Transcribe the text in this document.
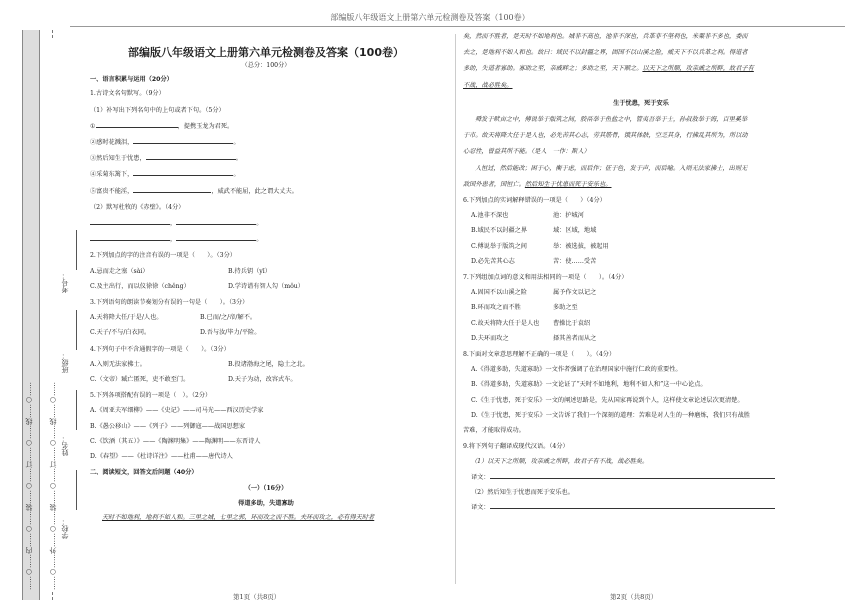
部编版八年级语文上册第六单元检测卷及答案（100卷）
……○……内……○……装……○……订……○……线……○…… ……○……外……○……装……○……订……○……线……○…… 学校：
姓名：
班级：
考号：

部编版八年级语文上册第六单元检测卷及答案（100卷）

（总分：100分）

一、语言积累与运用（20分）

1.古诗文名句默写。（9分）

（1）补写出下列名句中的上句或者下句。（5分）

①	，提携玉龙为君死。

②感时花溅泪，	。

③然后知生于忧患，	。

④采菊东篱下，	。

⑤富贵不能淫，	，威武不能屈，此之谓大丈夫。

（2）默写杜牧的《赤壁》。（4分）

，	。

，	。

2.下列加点的字的注音有误的一项是（　　）。（3分）

A.忌而走之塞（sài）	B.持兵钥（yī）

C.及主出行，而以仪徐徐（chěng）	D.学诗谱有智人勾（mǒu）

3.下列语句的朗读节奏划分有误的一句是（　　）。（3分）

A.天将降大任/于是/人也。	B.已而/之/帝/解不。

C.天子/不与/白衣同。	D.吾与汝/毕力/平险。

4.下列句子中不含通假字的一项是（　　）。（3分）

A.入则无法家拂士。	B.投诸渤海之尾，隐土之北。

C.（文帝）臧亡匿死，吏不敢至门。	D.天子为动，改容式车。

5.下列各项搭配有误的一项是（　）。（2分）

A.《周亚夫军细柳》——《史记》——司马光——西汉历史学家

B.《愚公移山》——《列子》——列御寇——战国思想家

C.《饮酒（其五）》——《陶渊明集》——陶渊明——东晋诗人

D.《春望》——《杜诗详注》——杜甫——唐代诗人

二、阅读短文，回答文后问题（40分）

（一）（16分）

得道多助，失道寡助

天时不如地利，地利不如人和。三里之城，七里之郭，环而攻之而不胜。夫环而攻之，必有得天时者

矣，然而不胜者，是天时不如地利也。城非不高也，池非不深也，兵革非不坚利也，米粟非不多也，委而

去之，是地利不如人和也。故曰：域民不以封疆之界，固国不以山溪之险，威天下不以兵革之利。得道者

多助，失道者寡助。寡助之至，亲戚畔之；多助之至，天下顺之。以天下之所顺，攻亲戚之所畔，故君子有

不战，战必胜矣。

生于忧患，死于安乐

舜发于畎亩之中，傅说举于版筑之间，胶鬲举于鱼盐之中，管夷吾举于士，孙叔敖举于海，百里奚举

于市。故天将降大任于是人也，必先苦其心志，劳其筋骨，饿其体肤，空乏其身，行拂乱其所为，所以动

心忍性，曾益其所不能。（是人　一作：斯人）

人恒过，然后能改；困于心，衡于虑，而后作；征于色，发于声，而后喻。入则无法家拂士，出则无

敌国外患者，国恒亡。然后知生于忧患而死于安乐也。

6.下列加点的实词解释错误的一项是（　　）（4分）

A.池非不深也	池：护城河

B.域民不以封疆之界	域：区域，地域

C.傅说举于版筑之间	举：被选拔，被起用

D.必先苦其心志	苦：使……受苦

7.下列组加点词的意义和用法相同的一项是（　　）。（4分）

A.固国不以山溪之险	属予作文以记之

B.环而攻之而不胜	多助之至

C.故天将降大任于是人也 曹操比于袁绍

D.夫环而攻之	择其善者而从之

8.下面对文章意思理解不正确的一项是（　　）。（4分）

A.《得道多助，失道寡助》一文作者强调了在治理国家中施行仁政的重要性。

B.《得道多助，失道寡助》一文论证了“天时不如地利，地利不如人和”这一中心论点。

C.《生于忧患，死于安乐》一文的阐述思路是，先从国家再说到个人，这样使文章论述层次更清楚。

D.《生于忧患，死于安乐》一文告诉了我们一个深刻的道理：苦难是对人生的一种磨炼，我们只有战胜

苦难，才能取得成功。

9.将下列句子翻译成现代汉语。（4分）

（1）以天下之所顺，攻亲戚之所畔，故君子有不战，战必胜矣。

译文：

（2）然后知生于忧患而死于安乐也。

译文：

第1页（共8页）	第2页（共8页）
